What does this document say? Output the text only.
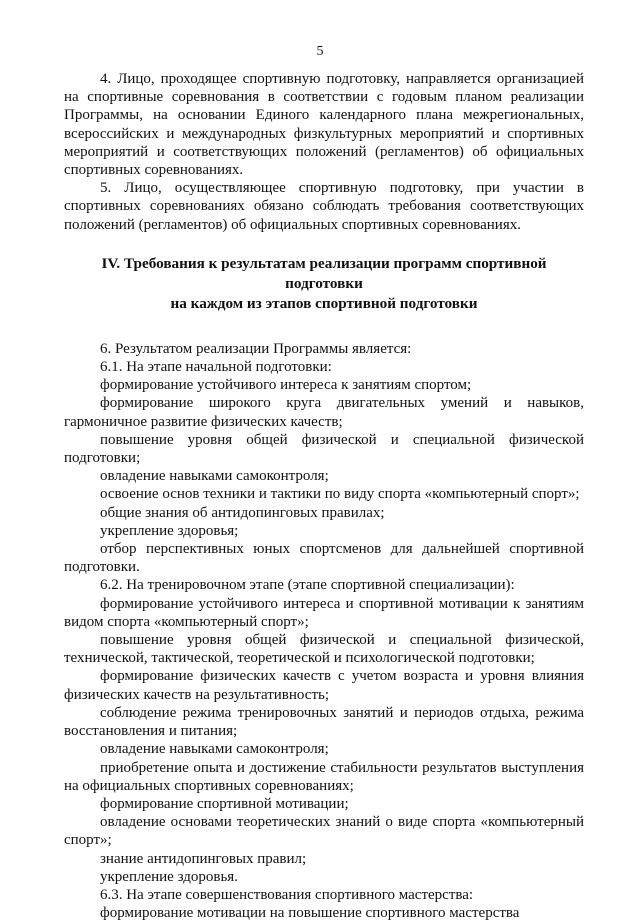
5

4. Лицо, проходящее спортивную подготовку, направляется организацией на спортивные соревнования в соответствии с годовым планом реализации Программы, на основании Единого календарного плана межрегиональных, всероссийских и международных физкультурных мероприятий и спортивных мероприятий и соответствующих положений (регламентов) об официальных спортивных соревнованиях.

5. Лицо, осуществляющее спортивную подготовку, при участии в спортивных соревнованиях обязано соблюдать требования соответствующих положений (регламентов) об официальных спортивных соревнованиях.

IV. Требования к результатам реализации программ спортивной подготовки
на каждом из этапов спортивной подготовки

6. Результатом реализации Программы является:

6.1. На этапе начальной подготовки:

формирование устойчивого интереса к занятиям спортом;

формирование широкого круга двигательных умений и навыков, гармоничное развитие физических качеств;

повышение уровня общей физической и специальной физической подготовки;

овладение навыками самоконтроля;

освоение основ техники и тактики по виду спорта «компьютерный спорт»;

общие знания об антидопинговых правилах;

укрепление здоровья;

отбор перспективных юных спортсменов для дальнейшей спортивной подготовки.

6.2. На тренировочном этапе (этапе спортивной специализации):

формирование устойчивого интереса и спортивной мотивации к занятиям видом спорта «компьютерный спорт»;

повышение уровня общей физической и специальной физической, технической, тактической, теоретической и психологической подготовки;

формирование физических качеств с учетом возраста и уровня влияния физических качеств на результативность;

соблюдение режима тренировочных занятий и периодов отдыха, режима восстановления и питания;

овладение навыками самоконтроля;

приобретение опыта и достижение стабильности результатов выступления на официальных спортивных соревнованиях;

формирование спортивной мотивации;

овладение основами теоретических знаний о виде спорта «компьютерный спорт»;

знание антидопинговых правил;

укрепление здоровья.

6.3. На этапе совершенствования спортивного мастерства:

формирование мотивации на повышение спортивного мастерства
